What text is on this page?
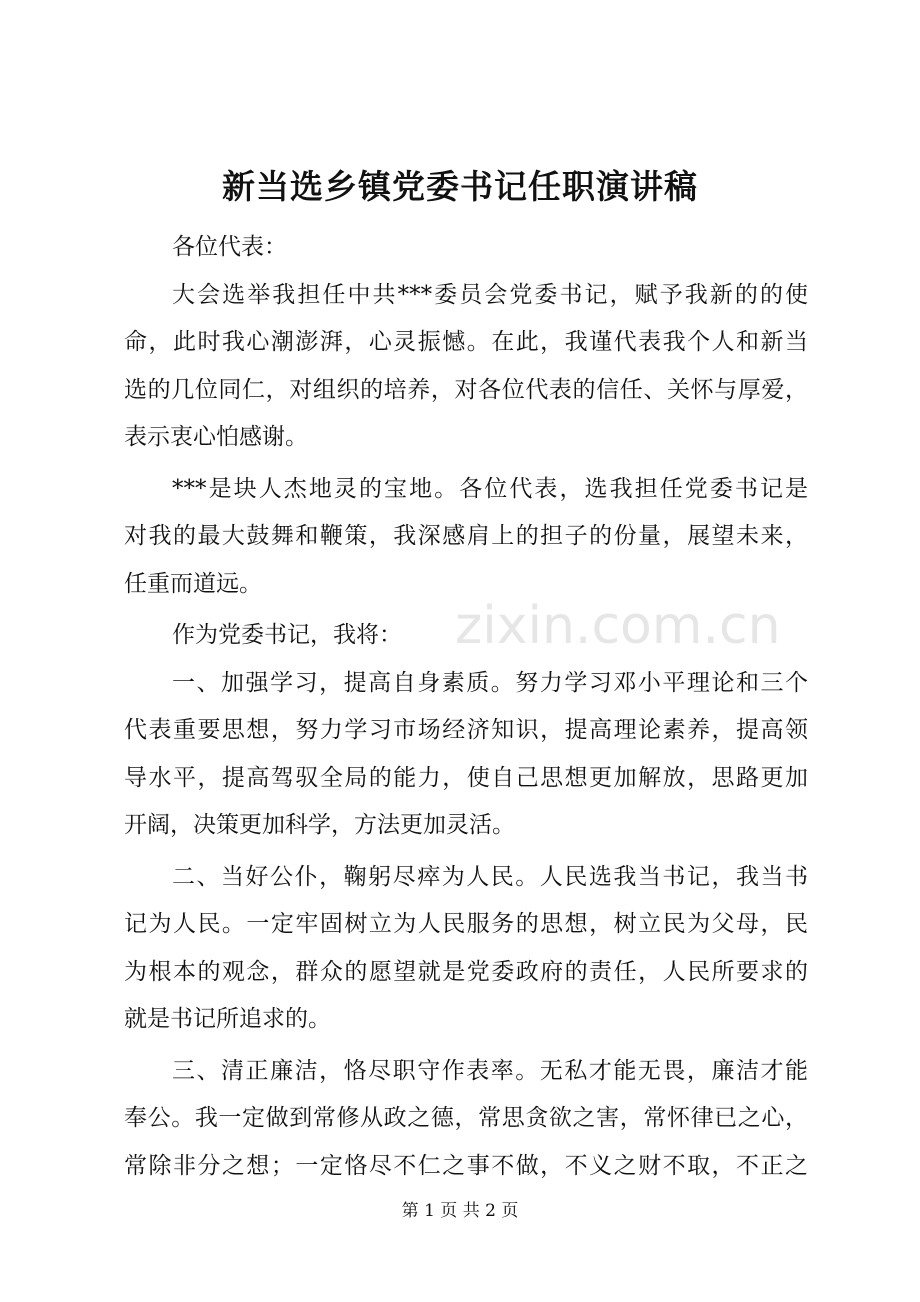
新当选乡镇党委书记任职演讲稿
各位代表：
大会选举我担任中共***委员会党委书记，赋予我新的的使
命，此时我心潮澎湃，心灵振憾。在此，我谨代表我个人和新当
选的几位同仁，对组织的培养，对各位代表的信任、关怀与厚爱，
表示衷心怕感谢。
***是块人杰地灵的宝地。各位代表，选我担任党委书记是
对我的最大鼓舞和鞭策，我深感肩上的担子的份量，展望未来，
任重而道远。
作为党委书记，我将：
一、加强学习，提高自身素质。努力学习邓小平理论和三个
代表重要思想，努力学习市场经济知识，提高理论素养，提高领
导水平，提高驾驭全局的能力，使自己思想更加解放，思路更加
开阔，决策更加科学，方法更加灵活。
二、当好公仆，鞠躬尽瘁为人民。人民选我当书记，我当书
记为人民。一定牢固树立为人民服务的思想，树立民为父母，民
为根本的观念，群众的愿望就是党委政府的责任，人民所要求的
就是书记所追求的。
三、清正廉洁，恪尽职守作表率。无私才能无畏，廉洁才能
奉公。我一定做到常修从政之德，常思贪欲之害，常怀律已之心，
常除非分之想；一定恪尽不仁之事不做，不义之财不取，不正之
zixin.com.cn
第 1 页 共 2 页
